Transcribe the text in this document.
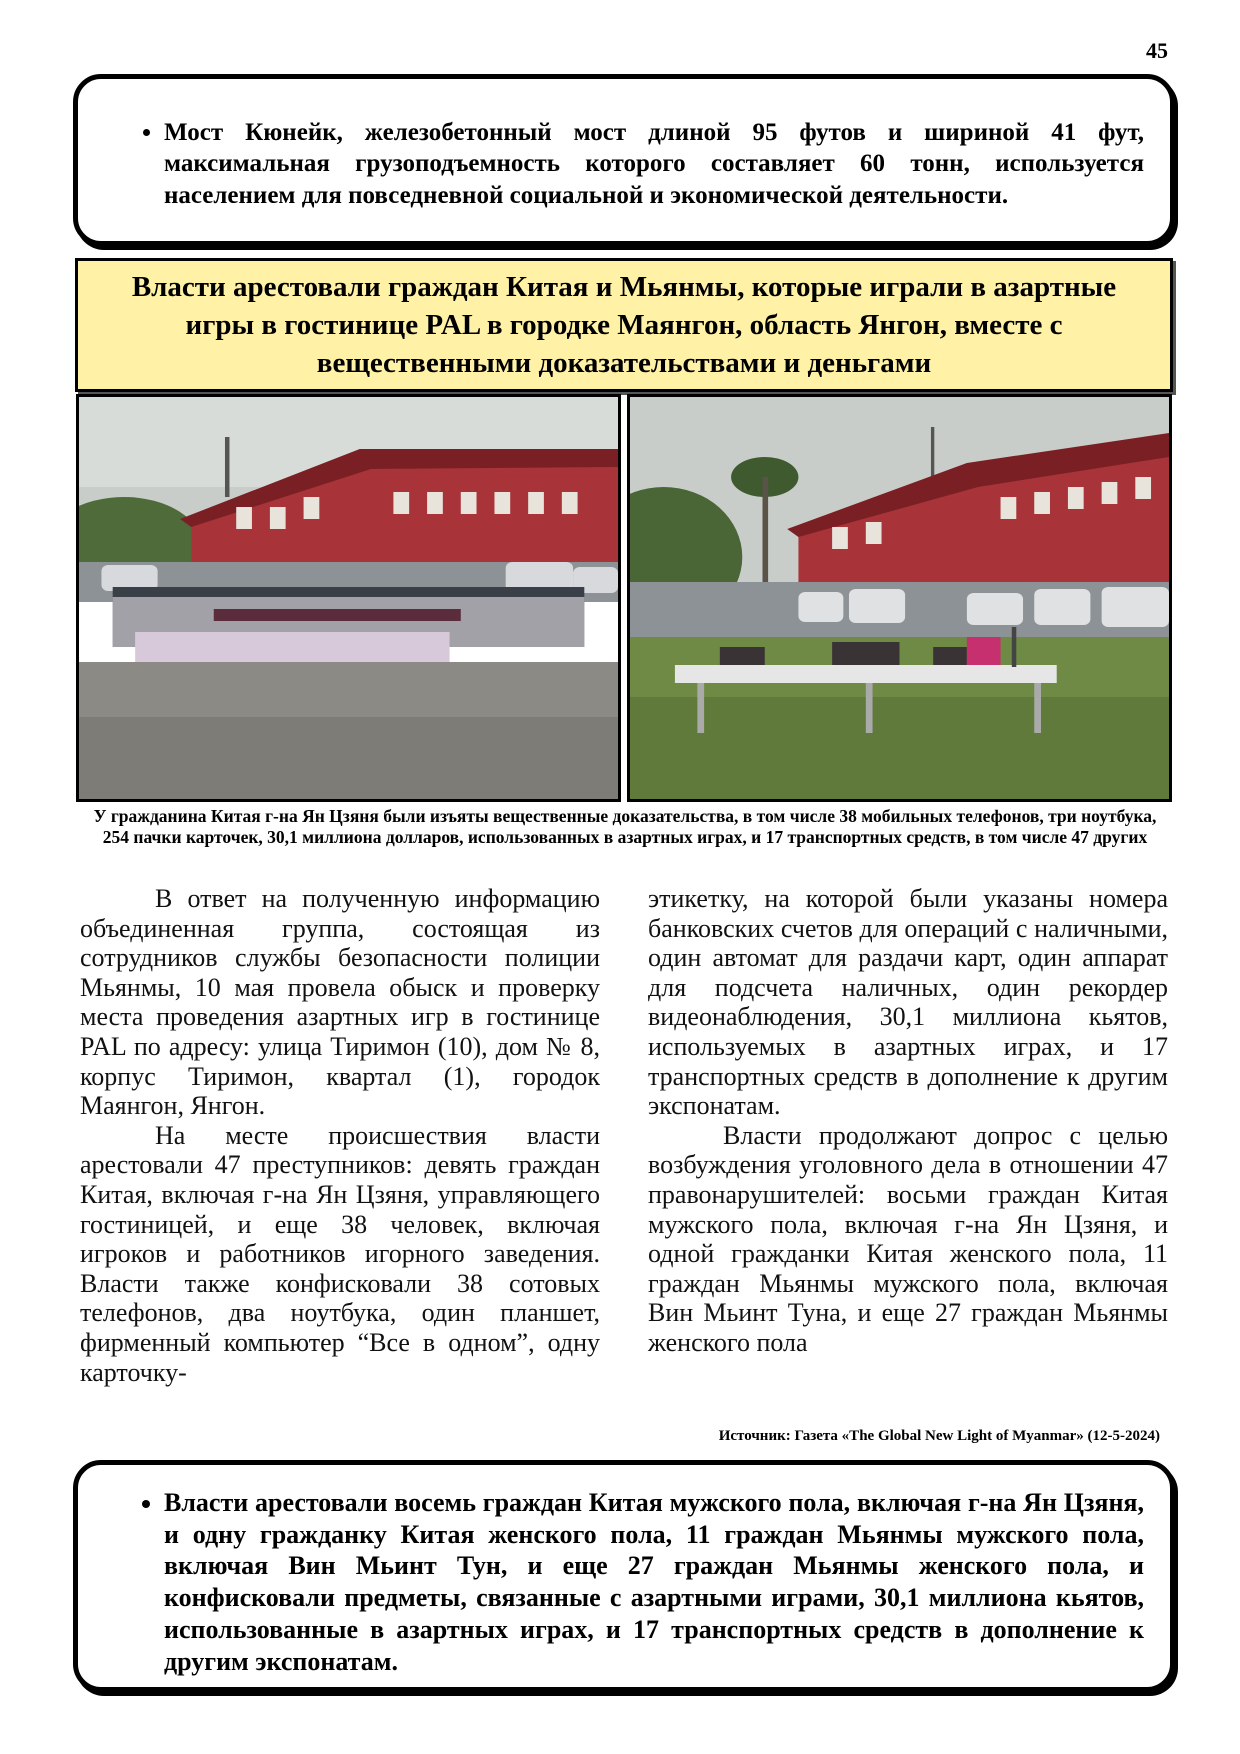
45
• Мост Кюнейк, железобетонный мост длиной 95 футов и шириной 41 фут, максимальная грузоподъемность которого составляет 60 тонн, используется населением для повседневной социальной и экономической деятельности.
Власти арестовали граждан Китая и Мьянмы, которые играли в азартные игры в гостинице PAL в городке Маянгон, область Янгон, вместе с вещественными доказательствами и деньгами
У гражданина Китая г-на Ян Цзяня были изъяты вещественные доказательства, в том числе 38 мобильных телефонов, три ноутбука, 254 пачки карточек, 30,1 миллиона долларов, использованных в азартных играх, и 17 транспортных средств, в том числе 47 других

В ответ на полученную информацию объединенная группа, состоящая из сотрудников службы безопасности полиции Мьянмы, 10 мая провела обыск и проверку места проведения азартных игр в гостинице PAL по адресу: улица Тиримон (10), дом № 8, корпус Тиримон, квартал (1), городок Маянгон, Янгон.

На месте происшествия власти арестовали 47 преступников: девять граждан Китая, включая г-на Ян Цзяня, управляющего гостиницей, и еще 38 человек, включая игроков и работников игорного заведения. Власти также конфисковали 38 сотовых телефонов, два ноутбука, один планшет, фирменный компьютер “Все в одном”, одну карточку-

этикетку, на которой были указаны номера банковских счетов для операций с наличными, один автомат для раздачи карт, один аппарат для подсчета наличных, один рекордер видеонаблюдения, 30,1 миллиона кьятов, используемых в азартных играх, и 17 транспортных средств в дополнение к другим экспонатам.

Власти продолжают допрос с целью возбуждения уголовного дела в отношении 47 правонарушителей: восьми граждан Китая мужского пола, включая г-на Ян Цзяня, и одной гражданки Китая женского пола, 11 граждан Мьянмы мужского пола, включая Вин Мьинт Туна, и еще 27 граждан Мьянмы женского пола

Источник: Газета «The Global New Light of Myanmar» (12-5-2024)
• Власти арестовали восемь граждан Китая мужского пола, включая г-на Ян Цзяня, и одну гражданку Китая женского пола, 11 граждан Мьянмы мужского пола, включая Вин Мьинт Тун, и еще 27 граждан Мьянмы женского пола, и конфисковали предметы, связанные с азартными играми, 30,1 миллиона кьятов, использованные в азартных играх, и 17 транспортных средств в дополнение к другим экспонатам.
